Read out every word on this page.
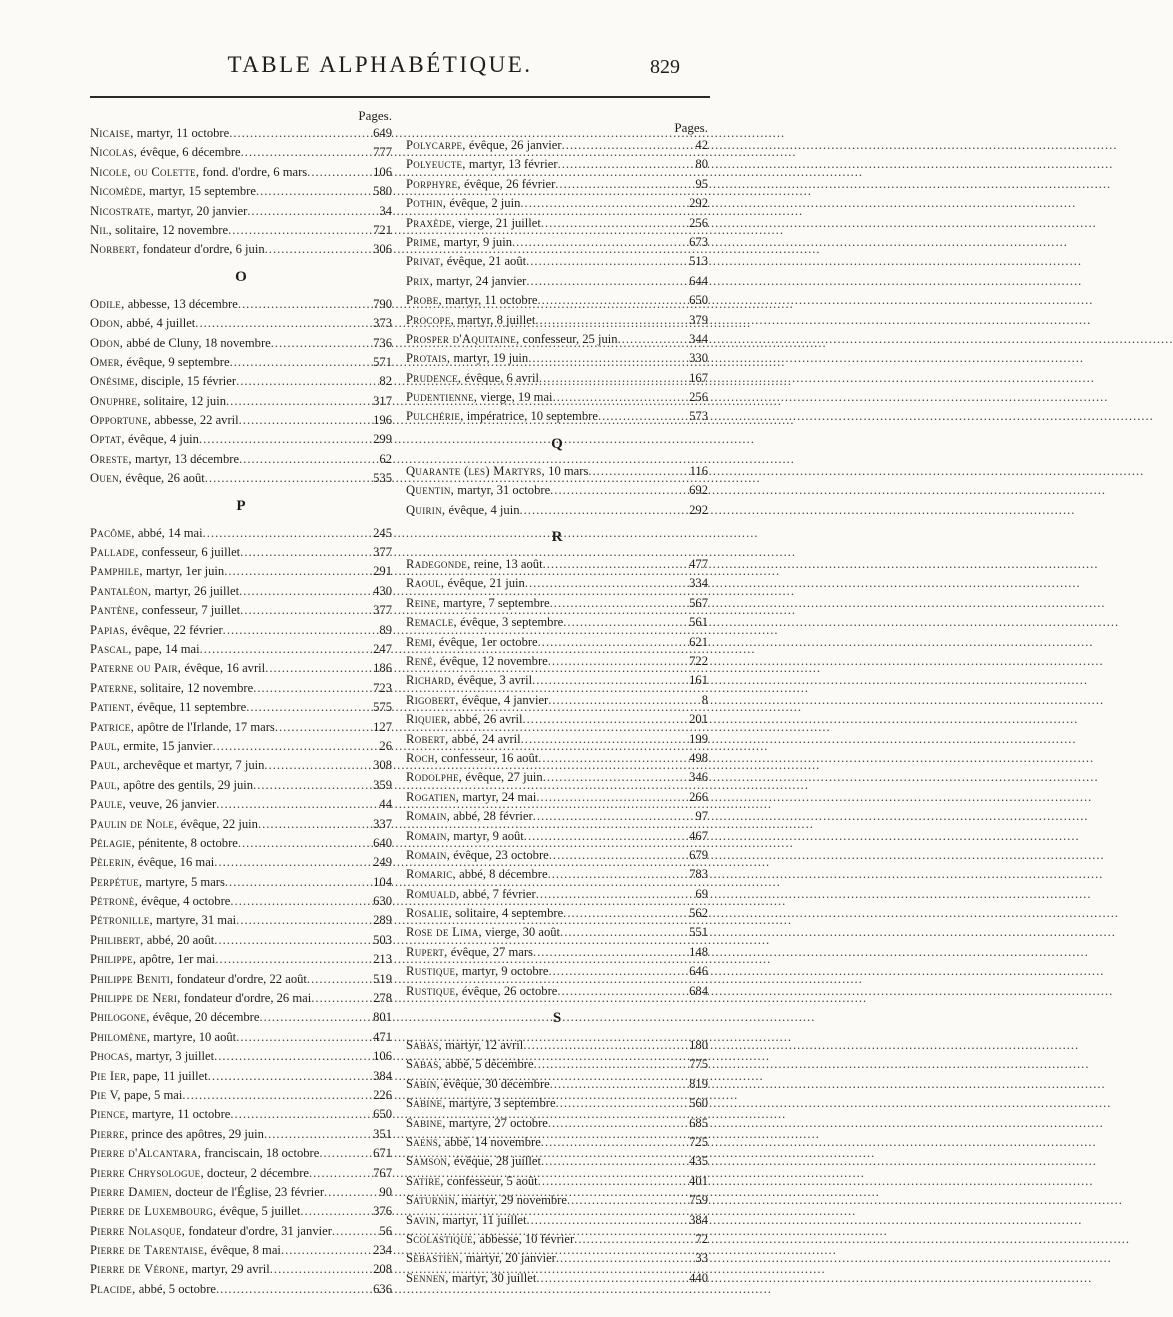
TABLE ALPHABÉTIQUE.	829
Pages.
Nicaise, martyr, 11 octobre .....	649
Nicolas, évêque, 6 décembre .....	777
Nicole, ou Colette, fond. d'ordre, 6 mars .....	106
Nicomède, martyr, 15 septembre .....	580
Nicostrate, martyr, 20 janvier .....	34
Nil, solitaire, 12 novembre .....	721
Norbert, fondateur d'ordre, 6 juin .....	306
O
Odile, abbesse, 13 décembre .....	790
Odon, abbé, 4 juillet .....	373
Odon, abbé de Cluny, 18 novembre .....	736
Omer, évêque, 9 septembre .....	571
Onésime, disciple, 15 février .....	82
Onuphre, solitaire, 12 juin .....	317
Opportune, abbesse, 22 avril .....	196
Optat, évêque, 4 juin .....	299
Oreste, martyr, 13 décembre .....	62
Ouen, évêque, 26 août .....	535
P
Pacôme, abbé, 14 mai .....	245
Pallade, confesseur, 6 juillet .....	377
Pamphile, martyr, 1er juin .....	291
Pantaléon, martyr, 26 juillet .....	430
Pantène, confesseur, 7 juillet .....	377
Papias, évêque, 22 février .....	89
Pascal, pape, 14 mai .....	247
Paterne ou Pair, évêque, 16 avril .....	186
Paterne, solitaire, 12 novembre .....	723
Patient, évêque, 11 septembre .....	575
Patrice, apôtre de l'Irlande, 17 mars .....	127
Paul, ermite, 15 janvier .....	26
Paul, archevêque et martyr, 7 juin .....	308
Paul, apôtre des gentils, 29 juin .....	359
Paule, veuve, 26 janvier .....	44
Paulin de Nole, évêque, 22 juin .....	337
Pélagie, pénitente, 8 octobre .....	640
Pèlerin, évêque, 16 mai .....	249
Perpétue, martyre, 5 mars .....	104
Pétronè, évêque, 4 octobre .....	630
Pétronille, martyre, 31 mai .....	289
Philibert, abbé, 20 août .....	503
Philippe, apôtre, 1er mai .....	213
Philippe Beniti, fondateur d'ordre, 22 août .....	519
Philippe de Neri, fondateur d'ordre, 26 mai .....	278
Philogone, évêque, 20 décembre .....	801
Philomène, martyre, 10 août .....	471
Phocas, martyr, 3 juillet .....	106
Pie Ier, pape, 11 juillet .....	384
Pie V, pape, 5 mai .....	226
Pience, martyre, 11 octobre .....	650
Pierre, prince des apôtres, 29 juin .....	351
Pierre d'Alcantara, franciscain, 18 octobre .....	671
Pierre Chrysologue, docteur, 2 décembre .....	767
Pierre Damien, docteur de l'Église, 23 février .....	90
Pierre de Luxembourg, évêque, 5 juillet .....	376
Pierre Nolasque, fondateur d'ordre, 31 janvier .....	56
Pierre de Tarentaise, évêque, 8 mai .....	234
Pierre de Vérone, martyr, 29 avril .....	208
Placide, abbé, 5 octobre .....	636
Pages.
Polycarpe, évêque, 26 janvier .....	42
Polyeucte, martyr, 13 février .....	80
Porphyre, évêque, 26 février .....	95
Pothin, évêque, 2 juin .....	292
Praxède, vierge, 21 juillet .....	256
Prime, martyr, 9 juin .....	673
Privat, évêque, 21 août .....	513
Prix, martyr, 24 janvier .....	644
Probe, martyr, 11 octobre .....	650
Procope, martyr, 8 juillet .....	379
Prosper d'Aquitaine, confesseur, 25 juin .....	344
Protais, martyr, 19 juin .....	330
Prudence, évêque, 6 avril .....	167
Pudentienne, vierge, 19 mai .....	256
Pulchérie, impératrice, 10 septembre .....	573
Q
Quarante (les) Martyrs, 10 mars .....	116
Quentin, martyr, 31 octobre .....	692
Quirin, évêque, 4 juin .....	292
R
Radegonde, reine, 13 août .....	477
Raoul, évêque, 21 juin .....	334
Reine, martyre, 7 septembre .....	567
Remacle, évêque, 3 septembre .....	561
Remi, évêque, 1er octobre .....	621
René, évêque, 12 novembre .....	722
Richard, évêque, 3 avril .....	161
Rigobert, évêque, 4 janvier .....	8
Riquier, abbé, 26 avril .....	201
Robert, abbé, 24 avril .....	199
Roch, confesseur, 16 août .....	498
Rodolphe, évêque, 27 juin .....	346
Rogatien, martyr, 24 mai .....	266
Romain, abbé, 28 février .....	97
Romain, martyr, 9 août .....	467
Romain, évêque, 23 octobre .....	679
Romaric, abbé, 8 décembre .....	783
Romuald, abbé, 7 février .....	69
Rosalie, solitaire, 4 septembre .....	562
Rose de Lima, vierge, 30 août .....	551
Rupert, évêque, 27 mars .....	148
Rustique, martyr, 9 octobre .....	646
Rustique, évêque, 26 octobre .....	684
S
Sabas, martyr, 12 avril .....	180
Sabas, abbé, 5 décembre .....	775
Sabin, évêque, 30 décembre .....	819
Sabine, martyre, 3 septembre .....	560
Sabine, martyre, 27 octobre .....	685
Saens, abbé, 14 novembre .....	725
Samson, évêque, 28 juillet .....	435
Satire, confesseur, 5 août .....	401
Saturnin, martyr, 29 novembre .....	759
Savin, martyr, 11 juillet .....	384
Scolastique, abbesse, 10 février .....	72
Sébastien, martyr, 20 janvier .....	33
Sennen, martyr, 30 juillet .....	440
